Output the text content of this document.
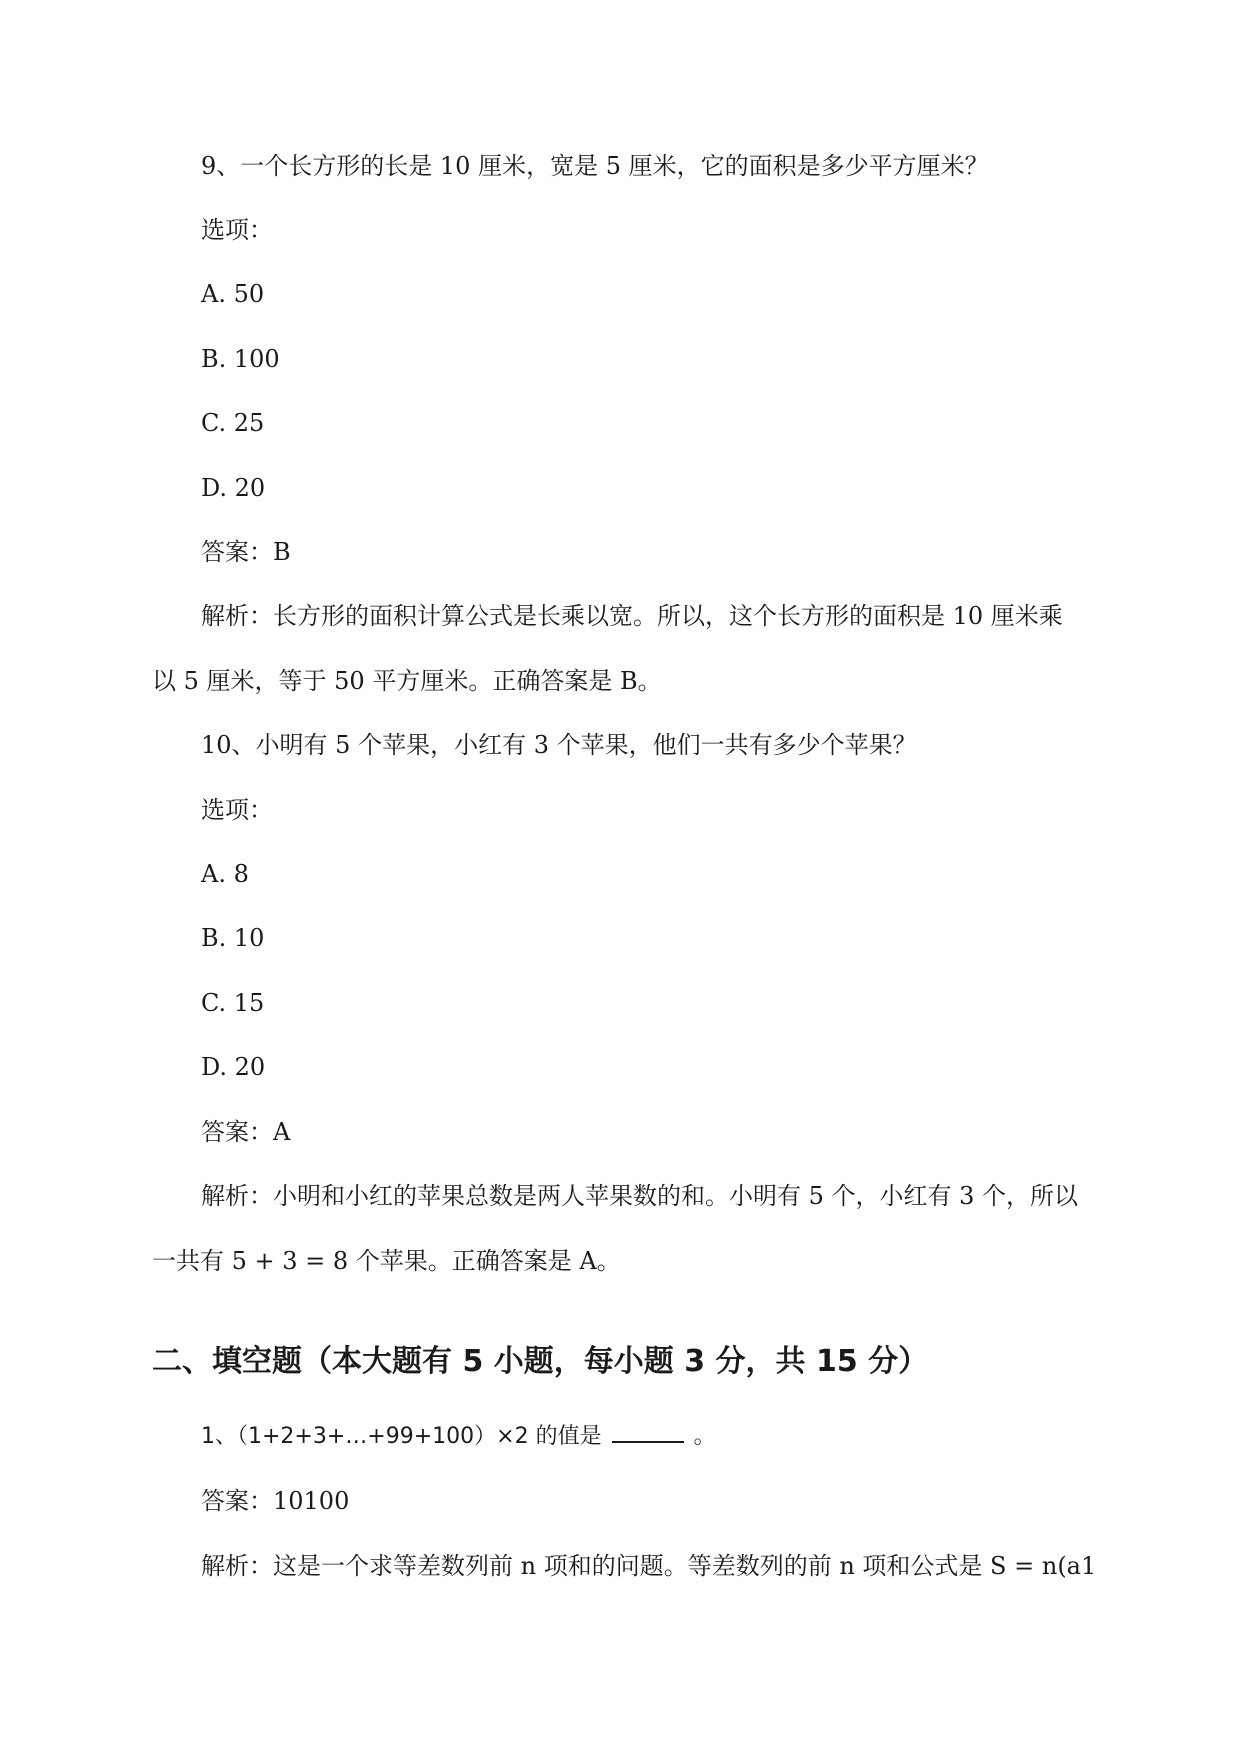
9、一个长方形的长是 10 厘米，宽是 5 厘米，它的面积是多少平方厘米？
选项：
A. 50
B. 100
C. 25
D. 20
答案：B
解析：长方形的面积计算公式是长乘以宽。所以，这个长方形的面积是 10 厘米乘
以 5 厘米，等于 50 平方厘米。正确答案是 B。
10、小明有 5 个苹果，小红有 3 个苹果，他们一共有多少个苹果？
选项：
A. 8
B. 10
C. 15
D. 20
答案：A
解析：小明和小红的苹果总数是两人苹果数的和。小明有 5 个，小红有 3 个，所以
一共有 5 + 3 = 8 个苹果。正确答案是 A。
二、填空题（本大题有 5 小题，每小题 3 分，共 15 分）
1、（1+2+3+…+99+100）×2 的值是	。
答案：10100
解析：这是一个求等差数列前 n 项和的问题。等差数列的前 n 项和公式是 S = n(a1
